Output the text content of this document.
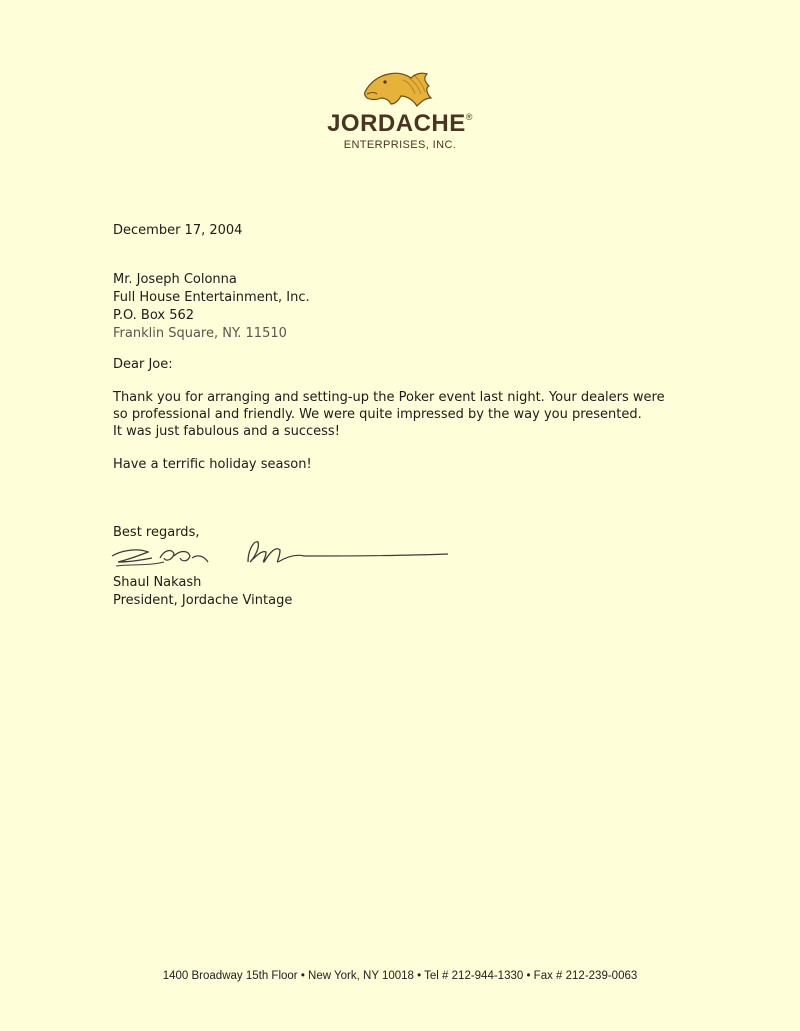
JORDACHE®
ENTERPRISES, INC.
December 17, 2004
Mr. Joseph Colonna
Full House Entertainment, Inc.
P.O. Box 562
Franklin Square, NY. 11510
Dear Joe:
Thank you for arranging and setting-up the Poker event last night. Your dealers were
so professional and friendly. We were quite impressed by the way you presented.
It was just fabulous and a success!
Have a terrific holiday season!
Best regards,
Shaul Nakash
President, Jordache Vintage
1400 Broadway 15th Floor • New York, NY 10018 • Tel # 212-944-1330 • Fax # 212-239-0063
